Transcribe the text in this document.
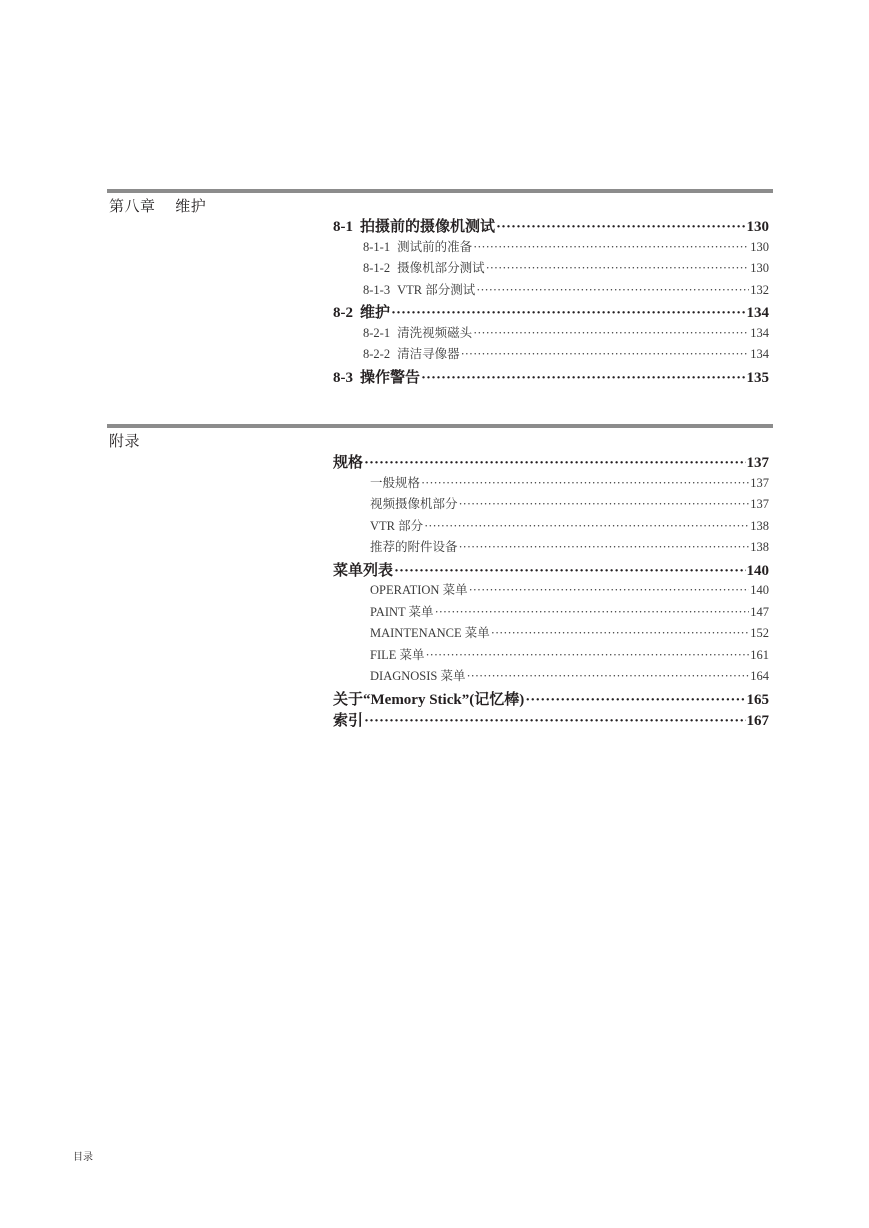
第八章　 维护
8-1 拍摄前的摄像机测试 ·····	130
8-1-1 测试前的准备 ·····	130
8-1-2 摄像机部分测试 ·····	130
8-1-3 VTR 部分测试 ·····	132
8-2 维护 ·····	134
8-2-1 清洗视频磁头 ·····	134
8-2-2 清洁寻像器 ·····	134
8-3 操作警告 ·····	135
附录
规格 ·····	137
一般规格 ·····	137
视频摄像机部分 ·····	137
VTR 部分 ·····	138
推荐的附件设备 ·····	138
菜单列表 ·····	140
OPERATION 菜单 ·····	140
PAINT 菜单 ·····	147
MAINTENANCE 菜单 ·····	152
FILE 菜单 ·····	161
DIAGNOSIS 菜单 ·····	164
关于“Memory Stick”(记忆棒) ·····	165
索引 ·····	167
目录
